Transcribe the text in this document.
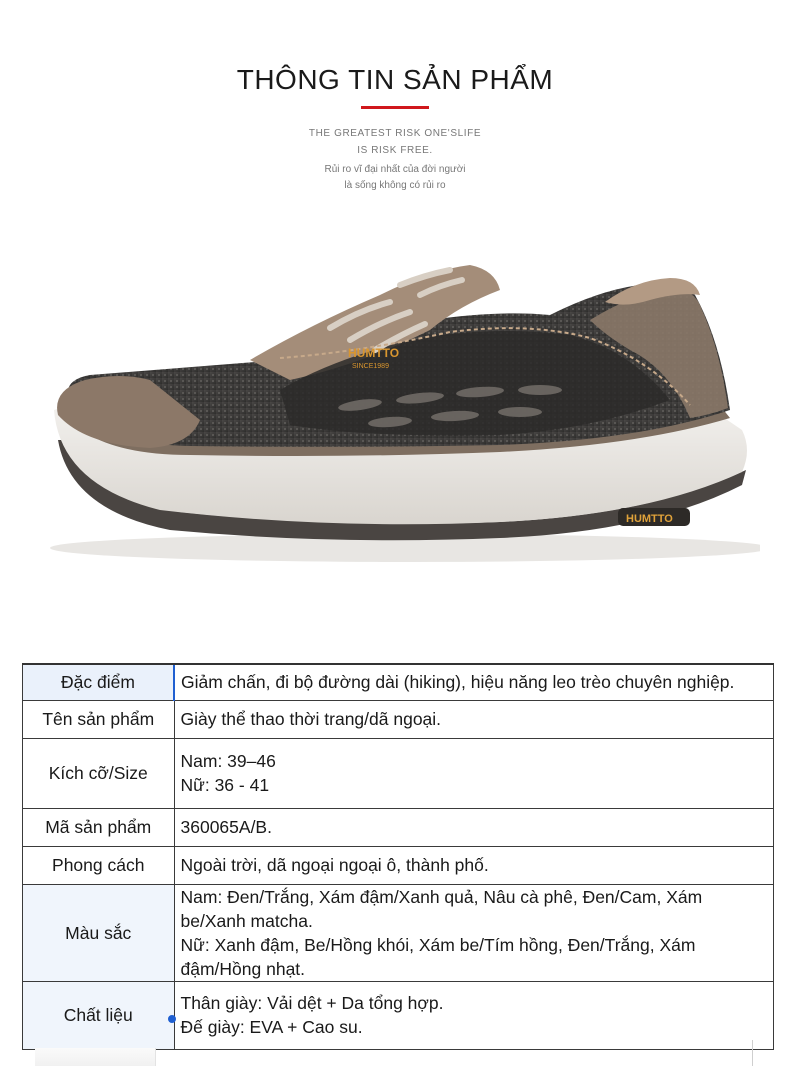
THÔNG TIN SẢN PHẨM
THE GREATEST RISK ONE'SLIFE
IS RISK FREE.
Rủi ro vĩ đại nhất của đời người
là sống không có rủi ro
HUMTTO
SINCE1989
HUMTTO
Đặc điểm	Giảm chấn, đi bộ đường dài (hiking), hiệu năng leo trèo chuyên nghiệp.

Tên sản phẩm	Giày thể thao thời trang/dã ngoại.

Kích cỡ/Size	Nam: 39–46
Nữ: 36 - 41

Mã sản phẩm	360065A/B.

Phong cách	Ngoài trời, dã ngoại ngoại ô, thành phố.

Màu sắc	Nam: Đen/Trắng, Xám đậm/Xanh quả, Nâu cà phê, Đen/Cam, Xám be/Xanh matcha.
Nữ: Xanh đậm, Be/Hồng khói, Xám be/Tím hồng, Đen/Trắng, Xám đậm/Hồng nhạt.

Chất liệu	Thân giày: Vải dệt + Da tổng hợp.
Đế giày: EVA + Cao su.
